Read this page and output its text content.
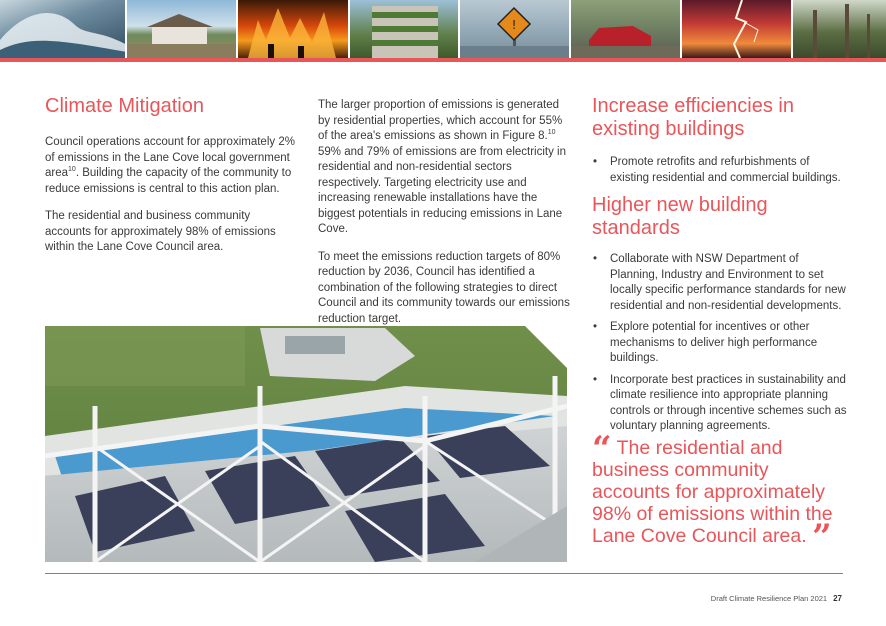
!
Climate Mitigation

Council operations account for approximately 2% of emissions in the Lane Cove local government area$^{10}$. Building the capacity of the community to reduce emissions is central to this action plan.

The residential and business community accounts for approximately 98% of emissions within the Lane Cove Council area.

The larger proportion of emissions is generated by residential properties, which account for 55% of the area's emissions as shown in Figure 8.10 59% and 79% of emissions are from electricity in residential and non-residential sectors respectively. Targeting electricity use and increasing renewable installations have the biggest potentials in reducing emissions in Lane Cove.

To meet the emissions reduction targets of 80% reduction by 2036, Council has identified a combination of the following strategies to direct Council and its community towards our emissions reduction target.

Increase efficiencies in existing buildings
• Promote retrofits and refurbishments of existing residential and commercial buildings.
Higher new building standards
• Collaborate with NSW Department of Planning, Industry and Environment to set locally specific performance standards for new residential and non-residential developments.
• Explore potential for incentives or other mechanisms to deliver high performance buildings.
• Incorporate best practices in sustainability and climate resilience into appropriate planning controls or through incentive schemes such as voluntary planning agreements.
“ The residential and business community accounts for approximately 98% of emissions within the Lane Cove Council area. ”
Draft Climate Resilience Plan 2021 27
